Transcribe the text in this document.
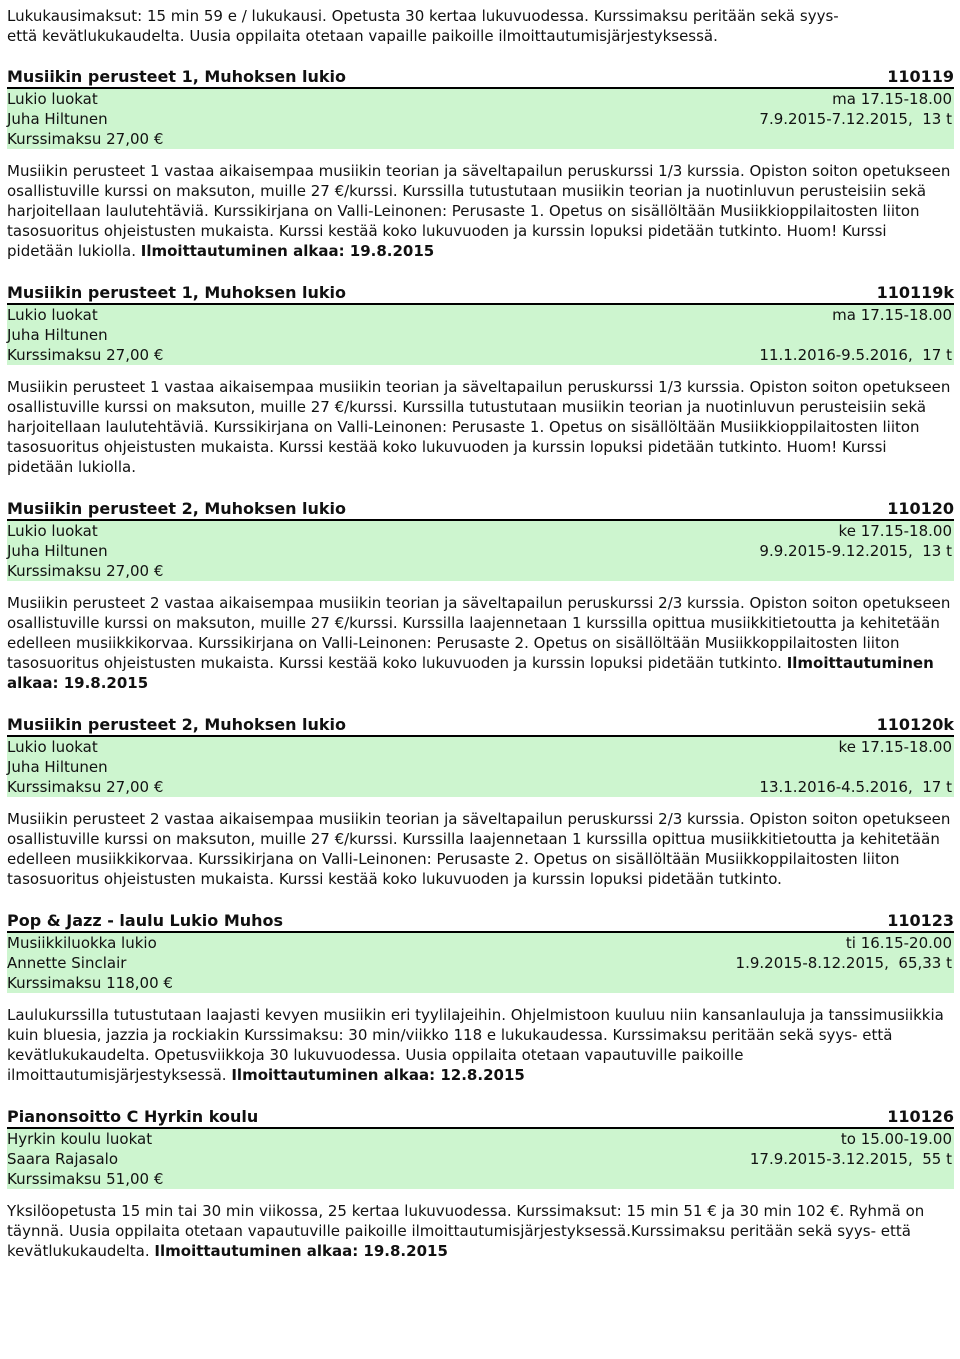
Lukukausimaksut: 15 min 59 e / lukukausi. Opetusta 30 kertaa lukuvuodessa. Kurssimaksu peritään sekä syys-
että kevätlukukaudelta. Uusia oppilaita otetaan vapaille paikoille ilmoittautumisjärjestyksessä.

Musiikin perusteet 1, Muhoksen lukio	110119
Lukio luokat	ma 17.15-18.00
Juha Hiltunen	7.9.2015-7.12.2015,  13 t
Kurssimaksu 27,00 €
Musiikin perusteet 1 vastaa aikaisempaa musiikin teorian ja säveltapailun peruskurssi 1/3 kurssia. Opiston soiton opetukseen osallistuville kurssi on maksuton, muille 27 €/kurssi. Kurssilla tutustutaan musiikin teorian ja nuotinluvun perusteisiin sekä harjoitellaan laulutehtäviä. Kurssikirjana on Valli-Leinonen: Perusaste 1. Opetus on sisällöltään Musiikkioppilaitosten liiton tasosuoritus ohjeistusten mukaista. Kurssi kestää koko lukuvuoden ja kurssin lopuksi pidetään tutkinto. Huom! Kurssi pidetään lukiolla. Ilmoittautuminen alkaa: 19.8.2015
Musiikin perusteet 1, Muhoksen lukio	110119k
Lukio luokat	ma 17.15-18.00
Juha Hiltunen
Kurssimaksu 27,00 €	11.1.2016-9.5.2016,  17 t
Musiikin perusteet 1 vastaa aikaisempaa musiikin teorian ja säveltapailun peruskurssi 1/3 kurssia. Opiston soiton opetukseen osallistuville kurssi on maksuton, muille 27 €/kurssi. Kurssilla tutustutaan musiikin teorian ja nuotinluvun perusteisiin sekä harjoitellaan laulutehtäviä. Kurssikirjana on Valli-Leinonen: Perusaste 1. Opetus on sisällöltään Musiikkioppilaitosten liiton tasosuoritus ohjeistusten mukaista. Kurssi kestää koko lukuvuoden ja kurssin lopuksi pidetään tutkinto. Huom! Kurssi pidetään lukiolla.
Musiikin perusteet 2, Muhoksen lukio	110120
Lukio luokat	ke 17.15-18.00
Juha Hiltunen	9.9.2015-9.12.2015,  13 t
Kurssimaksu 27,00 €
Musiikin perusteet 2 vastaa aikaisempaa musiikin teorian ja säveltapailun peruskurssi 2/3 kurssia. Opiston soiton opetukseen osallistuville kurssi on maksuton, muille 27 €/kurssi. Kurssilla laajennetaan 1 kurssilla opittua musiikkitietoutta ja kehitetään edelleen musiikkikorvaa. Kurssikirjana on Valli-Leinonen: Perusaste 2. Opetus on sisällöltään Musiikkoppilaitosten liiton tasosuoritus ohjeistusten mukaista. Kurssi kestää koko lukuvuoden ja kurssin lopuksi pidetään tutkinto. Ilmoittautuminen alkaa: 19.8.2015
Musiikin perusteet 2, Muhoksen lukio	110120k
Lukio luokat	ke 17.15-18.00
Juha Hiltunen
Kurssimaksu 27,00 €	13.1.2016-4.5.2016,  17 t
Musiikin perusteet 2 vastaa aikaisempaa musiikin teorian ja säveltapailun peruskurssi 2/3 kurssia. Opiston soiton opetukseen osallistuville kurssi on maksuton, muille 27 €/kurssi. Kurssilla laajennetaan 1 kurssilla opittua musiikkitietoutta ja kehitetään edelleen musiikkikorvaa. Kurssikirjana on Valli-Leinonen: Perusaste 2. Opetus on sisällöltään Musiikkoppilaitosten liiton tasosuoritus ohjeistusten mukaista. Kurssi kestää koko lukuvuoden ja kurssin lopuksi pidetään tutkinto.
Pop & Jazz - laulu Lukio Muhos	110123
Musiikkiluokka lukio	ti 16.15-20.00
Annette Sinclair	1.9.2015-8.12.2015,  65,33 t
Kurssimaksu 118,00 €
Laulukurssilla tutustutaan laajasti kevyen musiikin eri tyylilajeihin. Ohjelmistoon kuuluu niin kansanlauluja ja tanssimusiikkia kuin bluesia, jazzia ja rockiakin Kurssimaksu: 30 min/viikko 118 e lukukaudessa. Kurssimaksu peritään sekä syys- että kevätlukukaudelta. Opetusviikkoja 30 lukuvuodessa. Uusia oppilaita otetaan vapautuville paikoille ilmoittautumisjärjestyksessä. Ilmoittautuminen alkaa: 12.8.2015
Pianonsoitto C Hyrkin koulu	110126
Hyrkin koulu luokat	to 15.00-19.00
Saara Rajasalo	17.9.2015-3.12.2015,  55 t
Kurssimaksu 51,00 €
Yksilöopetusta 15 min tai 30 min viikossa, 25 kertaa lukuvuodessa. Kurssimaksut: 15 min 51 € ja 30 min 102 €. Ryhmä on täynnä. Uusia oppilaita otetaan vapautuville paikoille ilmoittautumisjärjestyksessä.Kurssimaksu peritään sekä syys- että kevätlukukaudelta. Ilmoittautuminen alkaa: 19.8.2015
